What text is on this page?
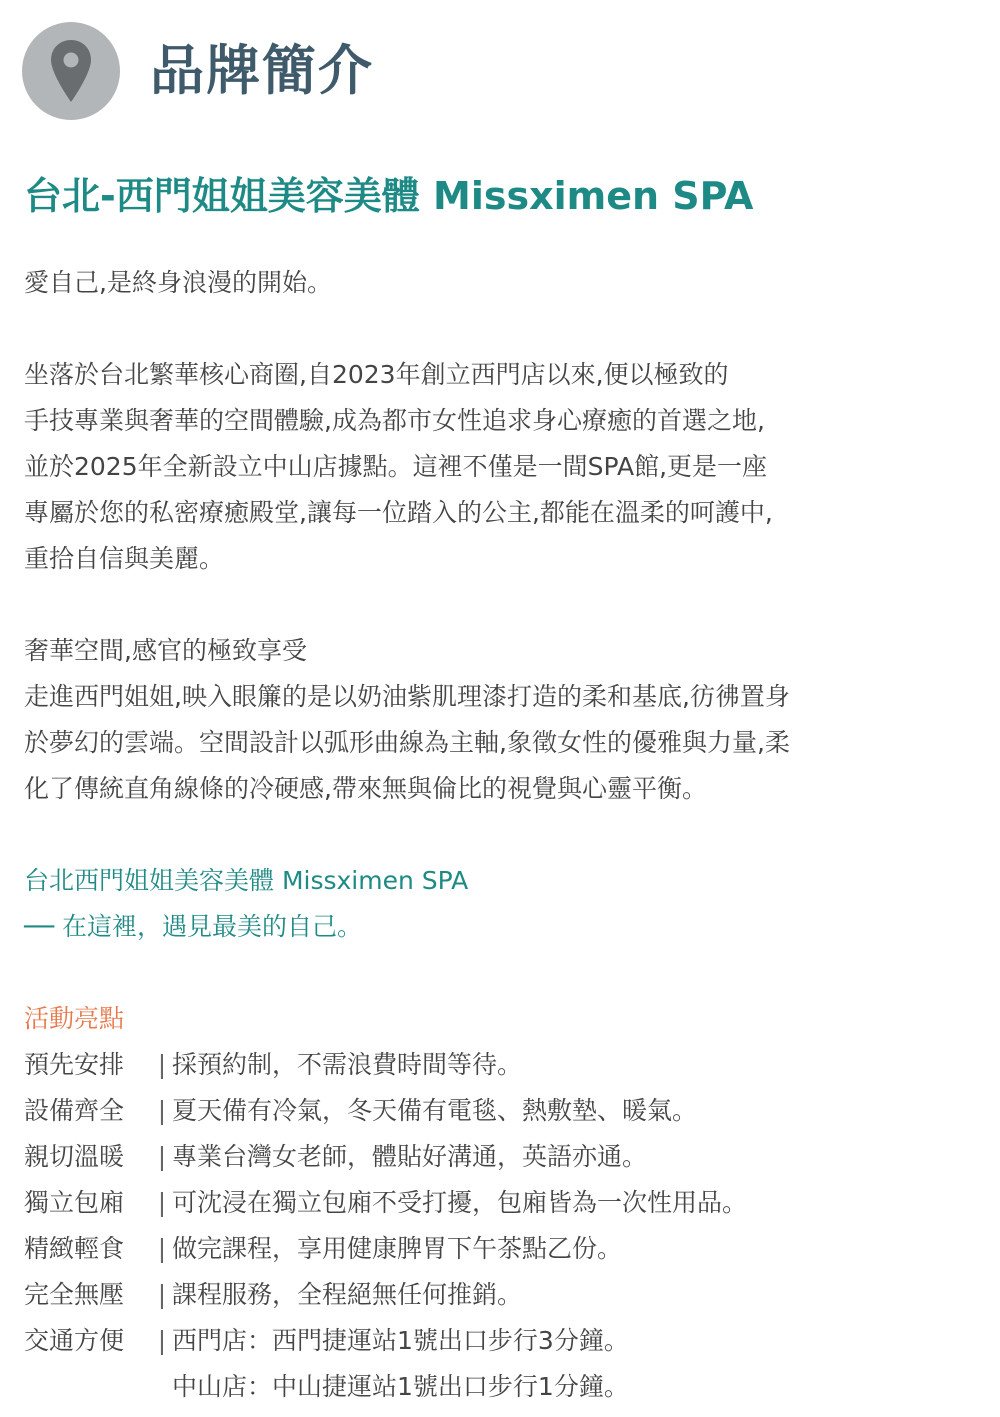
品牌簡介
台北-西門姐姐美容美體 Missximen SPA
愛自己,是終身浪漫的開始。
坐落於台北繁華核心商圈,自2023年創立西門店以來,便以極致的
手技專業與奢華的空間體驗,成為都市女性追求身心療癒的首選之地,
並於2025年全新設立中山店據點。這裡不僅是一間SPA館,更是一座
專屬於您的私密療癒殿堂,讓每一位踏入的公主,都能在溫柔的呵護中,
重拾自信與美麗。
奢華空間,感官的極致享受
走進西門姐姐,映入眼簾的是以奶油紫肌理漆打造的柔和基底,彷彿置身
於夢幻的雲端。空間設計以弧形曲線為主軸,象徵女性的優雅與力量,柔
化了傳統直角線條的冷硬感,帶來無與倫比的視覺與心靈平衡。
台北西門姐姐美容美體 Missximen SPA
── 在這裡，遇見最美的自己。
活動亮點
預先安排	| 採預約制，不需浪費時間等待。
設備齊全	| 夏天備有冷氣，冬天備有電毯、熱敷墊、暖氣。
親切溫暖	| 專業台灣女老師，體貼好溝通，英語亦通。
獨立包廂	| 可沈浸在獨立包廂不受打擾，包廂皆為一次性用品。
精緻輕食	| 做完課程，享用健康脾胃下午茶點乙份。
完全無壓	| 課程服務，全程絕無任何推銷。
交通方便	| 西門店：西門捷運站1號出口步行3分鐘。
中山店：中山捷運站1號出口步行1分鐘。
